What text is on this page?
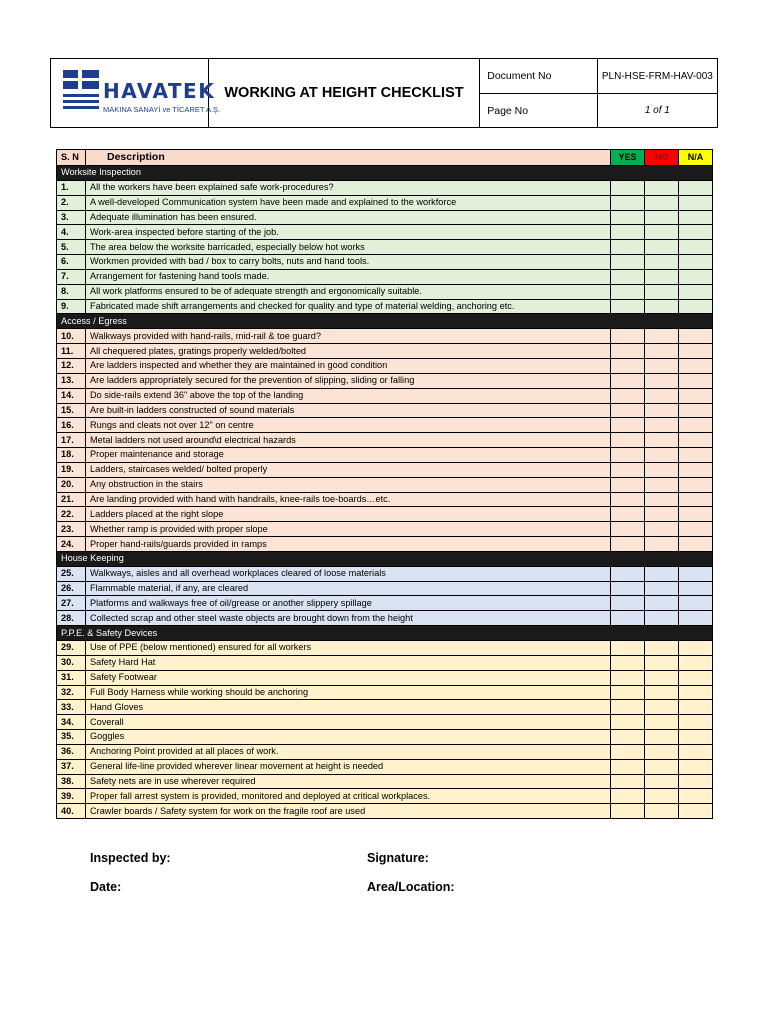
HAVATEK
MAKINA SANAYİ ve TİCARET A.Ş.	WORKING AT HEIGHT CHECKLIST	Document No	PLN-HSE-FRM-HAV-003
		Page No	1 of 1
S. N	Description	YES	NO	N/A
Worksite Inspection				
1.	All the workers have been explained safe work-procedures?			
2.	A well-developed Communication system have been made and explained to the workforce			
3.	Adequate illumination has been ensured.			
4.	Work-area inspected before starting of the job.			
5.	The area below the worksite barricaded, especially below hot works			
6.	Workmen provided with bad / box to carry bolts, nuts and hand tools.			
7.	Arrangement for fastening hand tools made.			
8.	All work platforms ensured to be of adequate strength and ergonomically suitable.			
9.	Fabricated made shift arrangements and checked for quality and type of material welding, anchoring etc.			
Access / Egress				
10.	Walkways provided with hand-rails, mid-rail & toe guard?			
11.	All chequered plates, gratings properly welded/bolted			
12.	Are ladders inspected and whether they are maintained in good condition			
13.	Are ladders appropriately secured for the prevention of slipping, sliding or falling			
14.	Do side-rails extend 36" above the top of the landing			
15.	Are built-in ladders constructed of sound materials			
16.	Rungs and cleats not over 12" on centre			
17.	Metal ladders not used around\d electrical hazards			
18.	Proper maintenance and storage			
19.	Ladders, staircases welded/ bolted properly			
20.	Any obstruction in the stairs			
21.	Are landing provided with hand with handrails, knee-rails toe-boards…etc.			
22.	Ladders placed at the right slope			
23.	Whether ramp is provided with proper slope			
24.	Proper hand-rails/guards provided in ramps			
House Keeping				
25.	Walkways, aisles and all overhead workplaces cleared of loose materials			
26.	Flammable material, if any, are cleared			
27.	Platforms and walkways free of oil/grease or another slippery spillage			
28.	Collected scrap and other steel waste objects are brought down from the height			
P.P.E. & Safety Devices				
29.	Use of PPE (below mentioned) ensured for all workers			
30.	Safety Hard Hat			
31.	Safety Footwear			
32.	Full Body Harness while working should be anchoring			
33.	Hand Gloves			
34.	Coverall			
35.	Goggles			
36.	Anchoring Point provided at all places of work.			
37.	General life-line provided wherever linear movement at height is needed			
38.	Safety nets are in use wherever required			
39.	Proper fall arrest system is provided, monitored and deployed at critical workplaces.			
40.	Crawler boards / Safety system for work on the fragile roof are used			
Inspected by:	Signature:
Date:	Area/Location:
